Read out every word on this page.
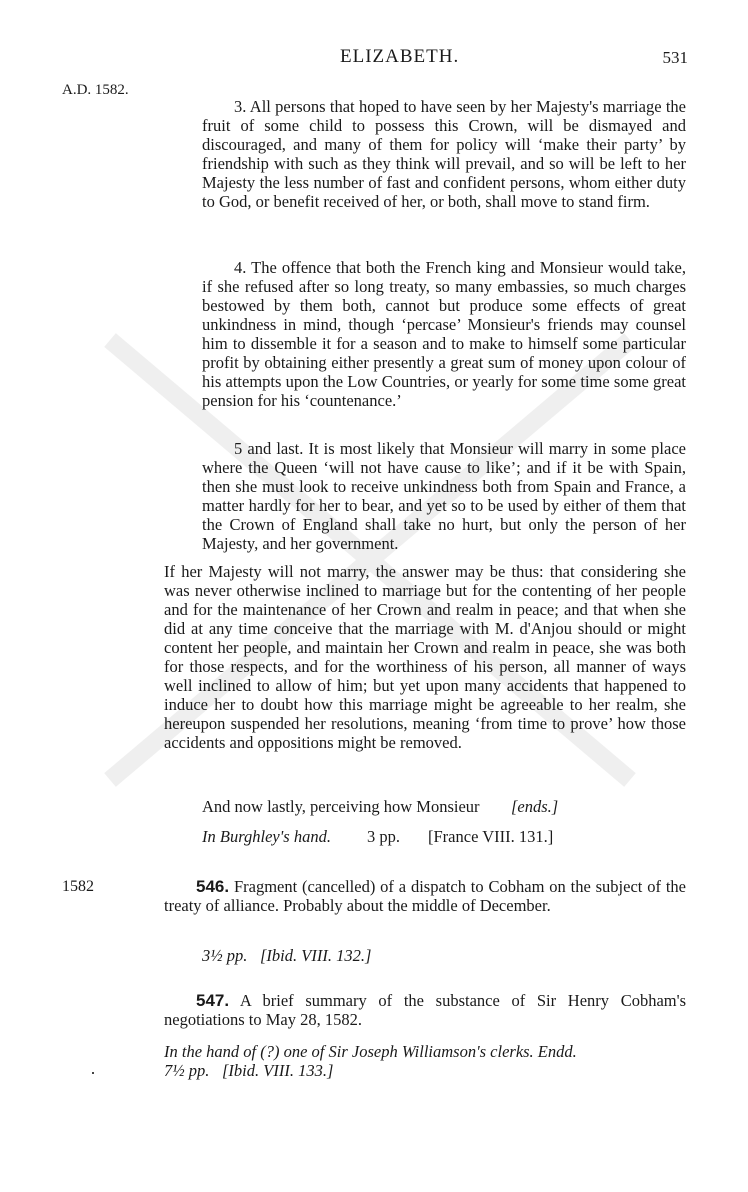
ELIZABETH.	531
A.D. 1582.
3. All persons that hoped to have seen by her Majesty's marriage the fruit of some child to possess this Crown, will be dismayed and discouraged, and many of them for policy will ‘make their party’ by friendship with such as they think will prevail, and so will be left to her Majesty the less number of fast and confident persons, whom either duty to God, or benefit received of her, or both, shall move to stand firm.
4. The offence that both the French king and Monsieur would take, if she refused after so long treaty, so many embassies, so much charges bestowed by them both, cannot but produce some effects of great unkindness in mind, though ‘percase’ Monsieur's friends may counsel him to dissemble it for a season and to make to himself some particular profit by obtaining either presently a great sum of money upon colour of his attempts upon the Low Countries, or yearly for some time some great pension for his ‘countenance.’
5 and last. It is most likely that Monsieur will marry in some place where the Queen ‘will not have cause to like’; and if it be with Spain, then she must look to receive unkindness both from Spain and France, a matter hardly for her to bear, and yet so to be used by either of them that the Crown of England shall take no hurt, but only the person of her Majesty, and her government.
If her Majesty will not marry, the answer may be thus: that considering she was never otherwise inclined to marriage but for the contenting of her people and for the maintenance of her Crown and realm in peace; and that when she did at any time conceive that the marriage with M. d'Anjou should or might content her people, and maintain her Crown and realm in peace, she was both for those respects, and for the worthiness of his person, all manner of ways well inclined to allow of him; but yet upon many accidents that happened to induce her to doubt how this marriage might be agreeable to her realm, she hereupon suspended her resolutions, meaning ‘from time to prove’ how those accidents and oppositions might be removed.
And now lastly, perceiving how Monsieur [ends.]
In Burghley's hand. 3 pp. [France VIII. 131.]
1582	546. Fragment (cancelled) of a dispatch to Cobham on the subject of the treaty of alliance. Probably about the middle of December.
3½ pp. [Ibid. VIII. 132.]
547. A brief summary of the substance of Sir Henry Cobham's negotiations to May 28, 1582.
In the hand of (?) one of Sir Joseph Williamson's clerks. Endd.
7½ pp. [Ibid. VIII. 133.]
